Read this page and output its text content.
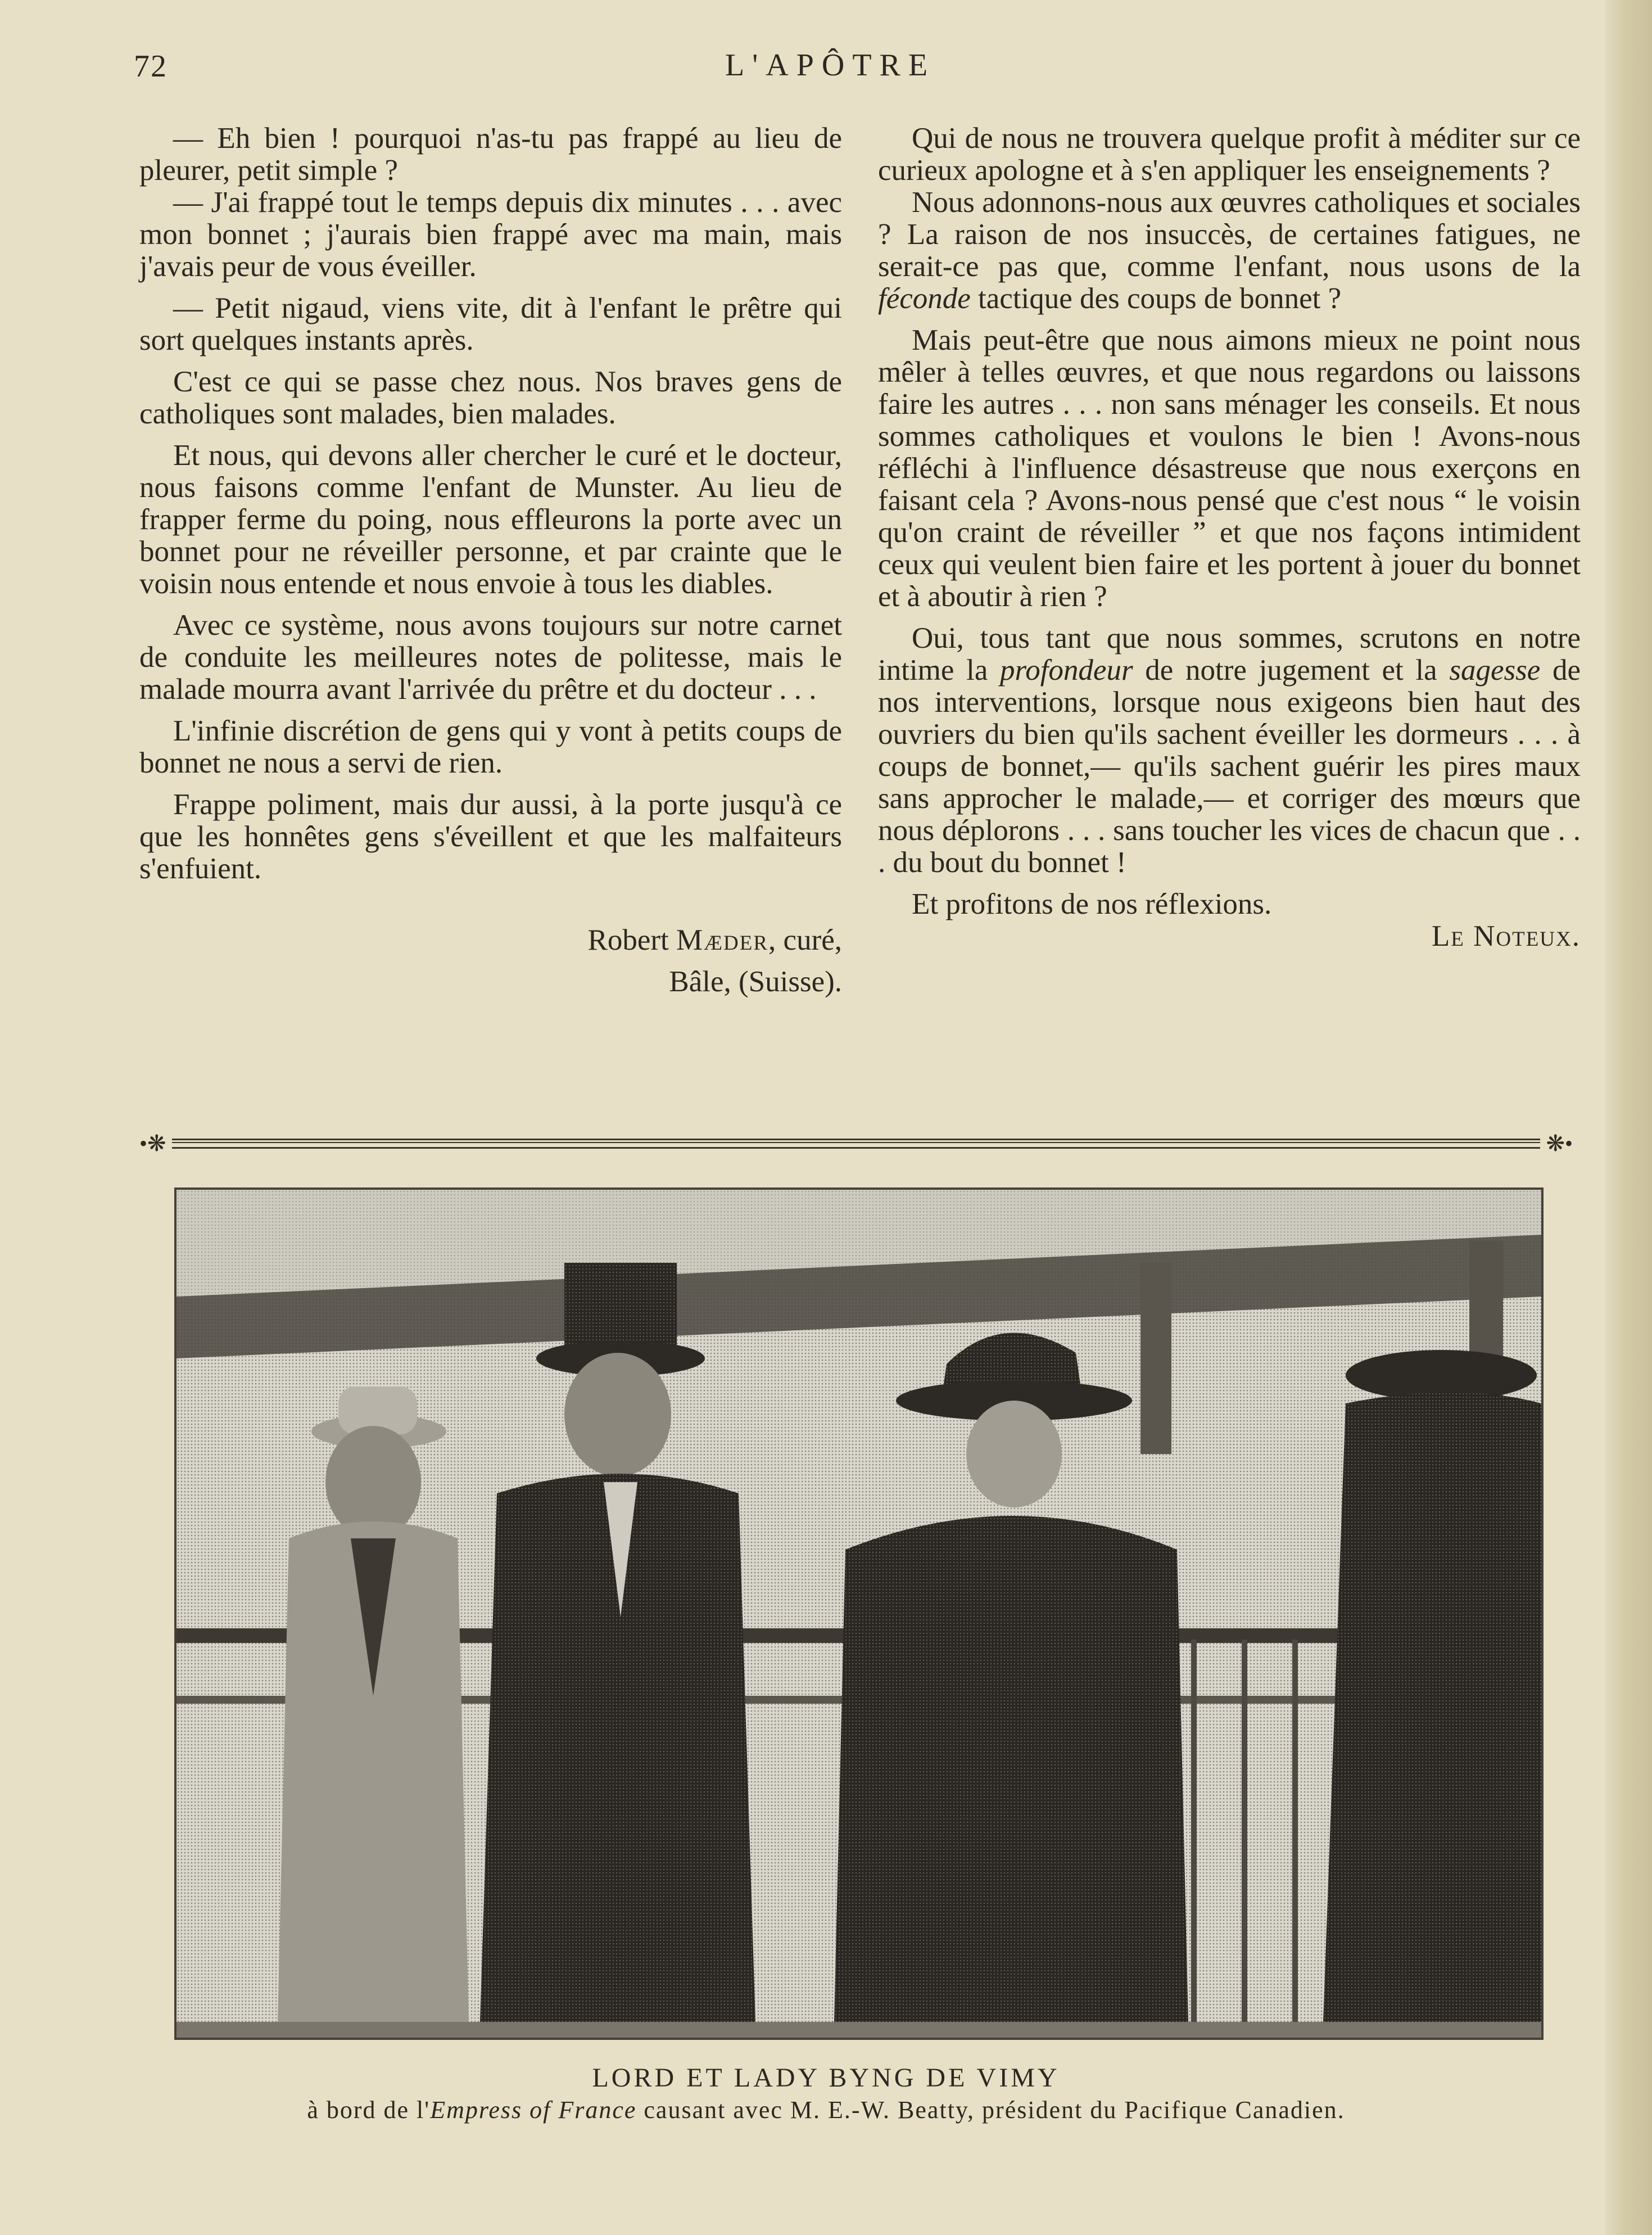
72	L'APÔTRE

— Eh bien ! pourquoi n'as-tu pas frappé au lieu de pleurer, petit simple ?

— J'ai frappé tout le temps depuis dix minutes . . . avec mon bonnet ; j'aurais bien frappé avec ma main, mais j'avais peur de vous éveiller.

— Petit nigaud, viens vite, dit à l'enfant le prêtre qui sort quelques instants après.

C'est ce qui se passe chez nous. Nos braves gens de catholiques sont malades, bien malades.

Et nous, qui devons aller chercher le curé et le docteur, nous faisons comme l'enfant de Munster. Au lieu de frapper ferme du poing, nous effleurons la porte avec un bonnet pour ne réveiller personne, et par crainte que le voisin nous entende et nous envoie à tous les diables.

Avec ce système, nous avons toujours sur notre carnet de conduite les meilleures notes de politesse, mais le malade mourra avant l'arrivée du prêtre et du docteur . . .

L'infinie discrétion de gens qui y vont à petits coups de bonnet ne nous a servi de rien.

Frappe poliment, mais dur aussi, à la porte jusqu'à ce que les honnêtes gens s'éveillent et que les malfaiteurs s'enfuient.

Robert Mæder, curé,

Bâle, (Suisse).

Qui de nous ne trouvera quelque profit à méditer sur ce curieux apologne et à s'en appliquer les enseignements ?

Nous adonnons-nous aux œuvres catholiques et sociales ? La raison de nos insuccès, de certaines fatigues, ne serait-ce pas que, comme l'enfant, nous usons de la féconde tactique des coups de bonnet ?

Mais peut-être que nous aimons mieux ne point nous mêler à telles œuvres, et que nous regardons ou laissons faire les autres . . . non sans ménager les conseils. Et nous sommes catholiques et voulons le bien ! Avons-nous réfléchi à l'influence désastreuse que nous exerçons en faisant cela ? Avons-nous pensé que c'est nous “ le voisin qu'on craint de réveiller ” et que nos façons intimident ceux qui veulent bien faire et les portent à jouer du bonnet et à aboutir à rien ?

Oui, tous tant que nous sommes, scrutons en notre intime la profondeur de notre jugement et la sagesse de nos interventions, lorsque nous exigeons bien haut des ouvriers du bien qu'ils sachent éveiller les dormeurs . . . à coups de bonnet,— qu'ils sachent guérir les pires maux sans approcher le malade,— et corriger des mœurs que nous déplorons . . . sans toucher les vices de chacun que . . . du bout du bonnet !

Et profitons de nos réflexions.

Le Noteux.

•❋	❋•
LORD ET LADY BYNG DE VIMY
à bord de l'Empress of France causant avec M. E.-W. Beatty, président du Pacifique Canadien.
